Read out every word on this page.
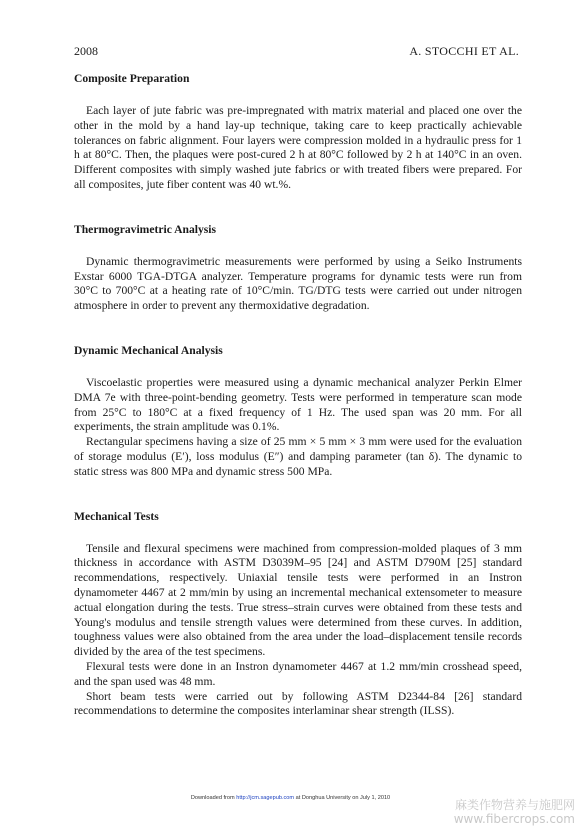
2008	A. STOCCHI ET AL.
Composite Preparation

Each layer of jute fabric was pre-impregnated with matrix material and placed one over the other in the mold by a hand lay-up technique, taking care to keep practically achievable tolerances on fabric alignment. Four layers were compression molded in a hydraulic press for 1 h at 80°C. Then, the plaques were post-cured 2 h at 80°C followed by 2 h at 140°C in an oven. Different composites with simply washed jute fabrics or with treated fibers were prepared. For all composites, jute fiber content was 40 wt.%.

Thermogravimetric Analysis

Dynamic thermogravimetric measurements were performed by using a Seiko Instruments Exstar 6000 TGA-DTGA analyzer. Temperature programs for dynamic tests were run from 30°C to 700°C at a heating rate of 10°C/min. TG/DTG tests were carried out under nitrogen atmosphere in order to prevent any thermoxidative degradation.

Dynamic Mechanical Analysis

Viscoelastic properties were measured using a dynamic mechanical analyzer Perkin Elmer DMA 7e with three-point-bending geometry. Tests were performed in temperature scan mode from 25°C to 180°C at a fixed frequency of 1 Hz. The used span was 20 mm. For all experiments, the strain amplitude was 0.1%.

Rectangular specimens having a size of 25 mm × 5 mm × 3 mm were used for the evaluation of storage modulus (E′), loss modulus (E″) and damping parameter (tan δ). The dynamic to static stress was 800 MPa and dynamic stress 500 MPa.

Mechanical Tests

Tensile and flexural specimens were machined from compression-molded plaques of 3 mm thickness in accordance with ASTM D3039M–95 [24] and ASTM D790M [25] standard recommendations, respectively. Uniaxial tensile tests were performed in an Instron dynamometer 4467 at 2 mm/min by using an incremental mechanical extensometer to measure actual elongation during the tests. True stress–strain curves were obtained from these tests and Young's modulus and tensile strength values were determined from these curves. In addition, toughness values were also obtained from the area under the load–displacement tensile records divided by the area of the test specimens.

Flexural tests were done in an Instron dynamometer 4467 at 1.2 mm/min crosshead speed, and the span used was 48 mm.

Short beam tests were carried out by following ASTM D2344-84 [26] standard recommendations to determine the composites interlaminar shear strength (ILSS).

Downloaded from http://jcm.sagepub.com at Donghua University on July 1, 2010	麻类作物营养与施肥网
www.fibercrops.com
